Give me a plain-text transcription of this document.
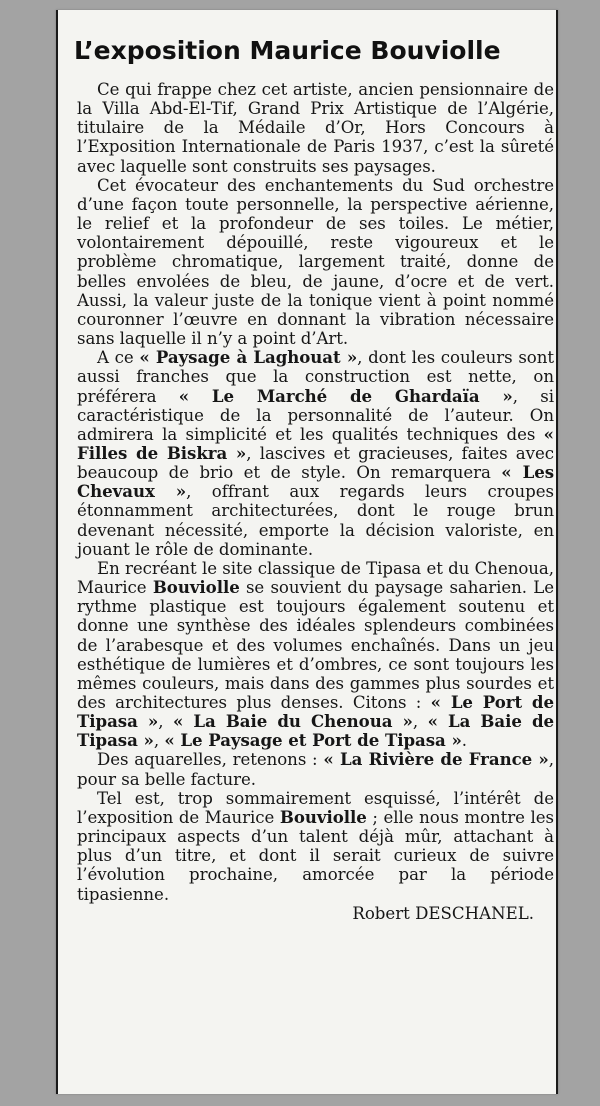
L’exposition Maurice Bouviolle

Ce qui frappe chez cet artiste, ancien pensionnaire de la Villa Abd-El-Tif, Grand Prix Artistique de l’Algérie, titulaire de la Médaile d’Or, Hors Concours à l’Exposition Internationale de Paris 1937, c’est la sûreté avec laquelle sont construits ses paysages.

Cet évocateur des enchantements du Sud orchestre d’une façon toute personnelle, la perspective aérienne, le relief et la profondeur de ses toiles. Le métier, volontairement dépouillé, reste vigoureux et le problème chromatique, largement traité, donne de belles envolées de bleu, de jaune, d’ocre et de vert. Aussi, la valeur juste de la tonique vient à point nommé couronner l’œuvre en donnant la vibration nécessaire sans laquelle il n’y a point d’Art.

A ce « Paysage à Laghouat », dont les couleurs sont aussi franches que la construction est nette, on préférera « Le Marché de Ghardaïa », si caractéristique de la personnalité de l’auteur. On admirera la simplicité et les qualités techniques des « Filles de Biskra », lascives et gracieuses, faites avec beaucoup de brio et de style. On remarquera « Les Chevaux », offrant aux regards leurs croupes étonnamment architecturées, dont le rouge brun devenant nécessité, emporte la décision valoriste, en jouant le rôle de dominante.

En recréant le site classique de Tipasa et du Chenoua, Maurice Bouviolle se souvient du paysage saharien. Le rythme plastique est toujours également soutenu et donne une synthèse des idéales splendeurs combinées de l’arabesque et des volumes enchaînés. Dans un jeu esthétique de lumières et d’ombres, ce sont toujours les mêmes couleurs, mais dans des gammes plus sourdes et des architectures plus denses. Citons : « Le Port de Tipasa », « La Baie du Chenoua », « La Baie de Tipasa », « Le Paysage et Port de Tipasa ».

Des aquarelles, retenons : « La Rivière de France », pour sa belle facture.

Tel est, trop sommairement esquissé, l’intérêt de l’exposition de Maurice Bouviolle ; elle nous montre les principaux aspects d’un talent déjà mûr, attachant à plus d’un titre, et dont il serait curieux de suivre l’évolution prochaine, amorcée par la période tipasienne.

Robert DESCHANEL.
